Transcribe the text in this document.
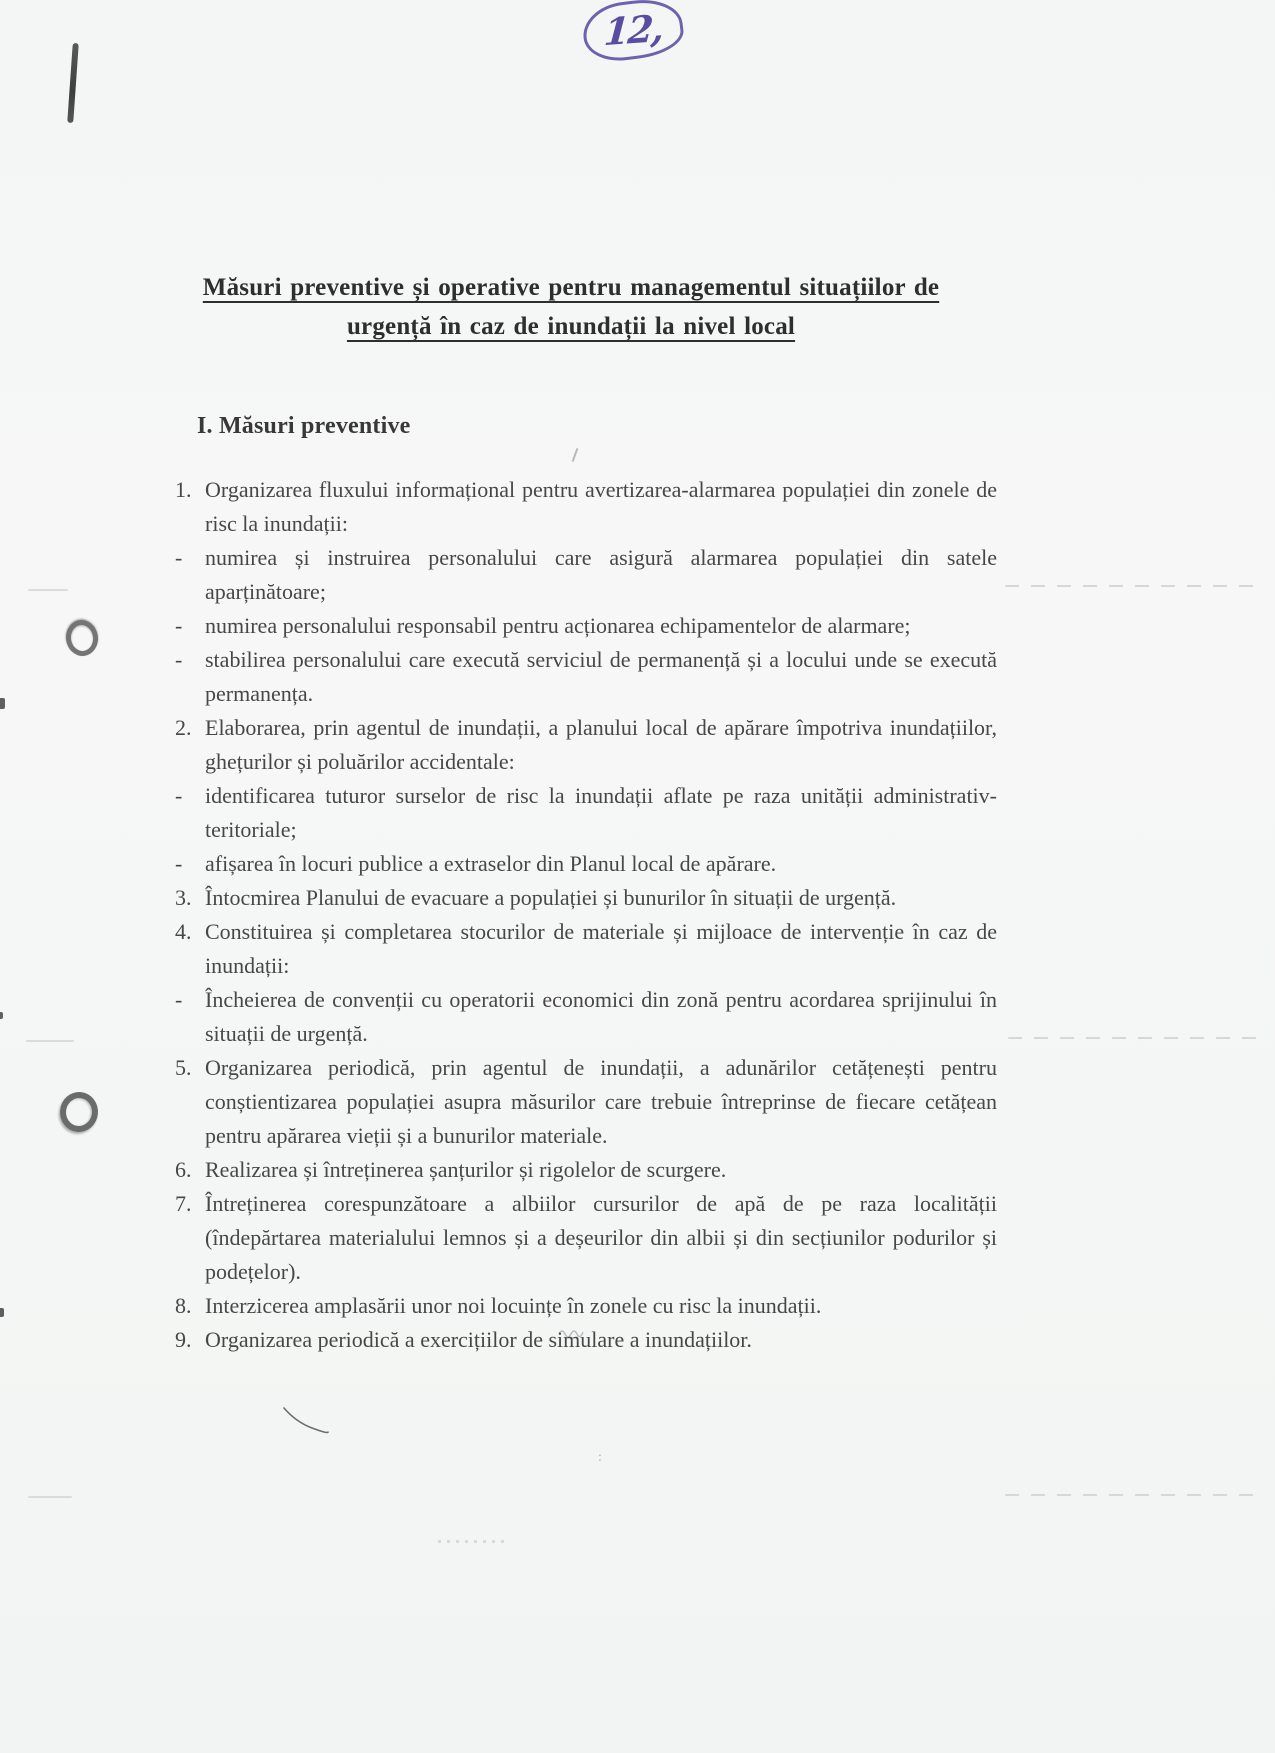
12,
:
Măsuri preventive și operative pentru managementul situațiilor de
urgență în caz de inundații la nivel local
I. Măsuri preventive
1. Organizarea fluxului informațional pentru avertizarea-alarmarea populației din zonele de risc la inundații:
-	numirea și instruirea personalului care asigură alarmarea populației din satele aparținătoare;
-	numirea personalului responsabil pentru acționarea echipamentelor de alarmare;
-	stabilirea personalului care execută serviciul de permanență și a locului unde se execută permanența.
2. Elaborarea, prin agentul de inundații, a planului local de apărare împotriva inundațiilor, ghețurilor și poluărilor accidentale:
-	identificarea tuturor surselor de risc la inundații aflate pe raza unității administrativ-teritoriale;
-	afișarea în locuri publice a extraselor din Planul local de apărare.
3. Întocmirea Planului de evacuare a populației și bunurilor în situații de urgență.
4. Constituirea și completarea stocurilor de materiale și mijloace de intervenție în caz de inundații:
-	Încheierea de convenții cu operatorii economici din zonă pentru acordarea sprijinului în situații de urgență.
5. Organizarea periodică, prin agentul de inundații, a adunărilor cetățenești pentru conștientizarea populației asupra măsurilor care trebuie întreprinse de fiecare cetățean pentru apărarea vieții și a bunurilor materiale.
6. Realizarea și întreținerea șanțurilor și rigolelor de scurgere.
7. Întreținerea corespunzătoare a albiilor cursurilor de apă de pe raza localității (îndepărtarea materialului lemnos și a deșeurilor din albii și din secțiunilor podurilor și podețelor).
8. Interzicerea amplasării unor noi locuințe în zonele cu risc la inundații.
9. Organizarea periodică a exercițiilor de simulare a inundațiilor.
